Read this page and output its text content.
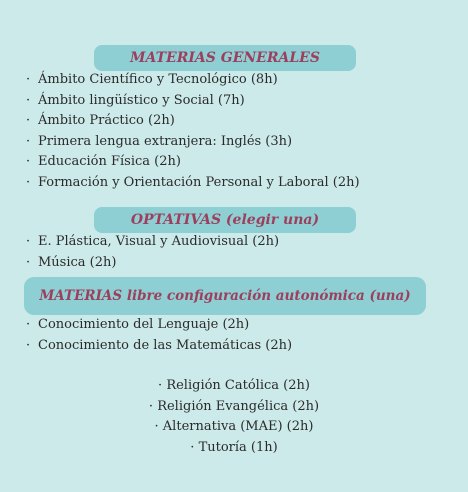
MATERIAS GENERALES
· Ámbito Científico y Tecnológico (8h)
· Ámbito lingüístico y Social (7h)
· Ámbito Práctico (2h)
· Primera lengua extranjera: Inglés (3h)
· Educación Física (2h)
· Formación y Orientación Personal y Laboral (2h)
OPTATIVAS (elegir una)
· E. Plástica, Visual y Audiovisual (2h)
· Música (2h)
MATERIAS libre configuración autonómica (una)
· Conocimiento del Lenguaje (2h)
· Conocimiento de las Matemáticas (2h)
· Religión Católica (2h)
· Religión Evangélica (2h)
· Alternativa (MAE) (2h)
· Tutoría (1h)
